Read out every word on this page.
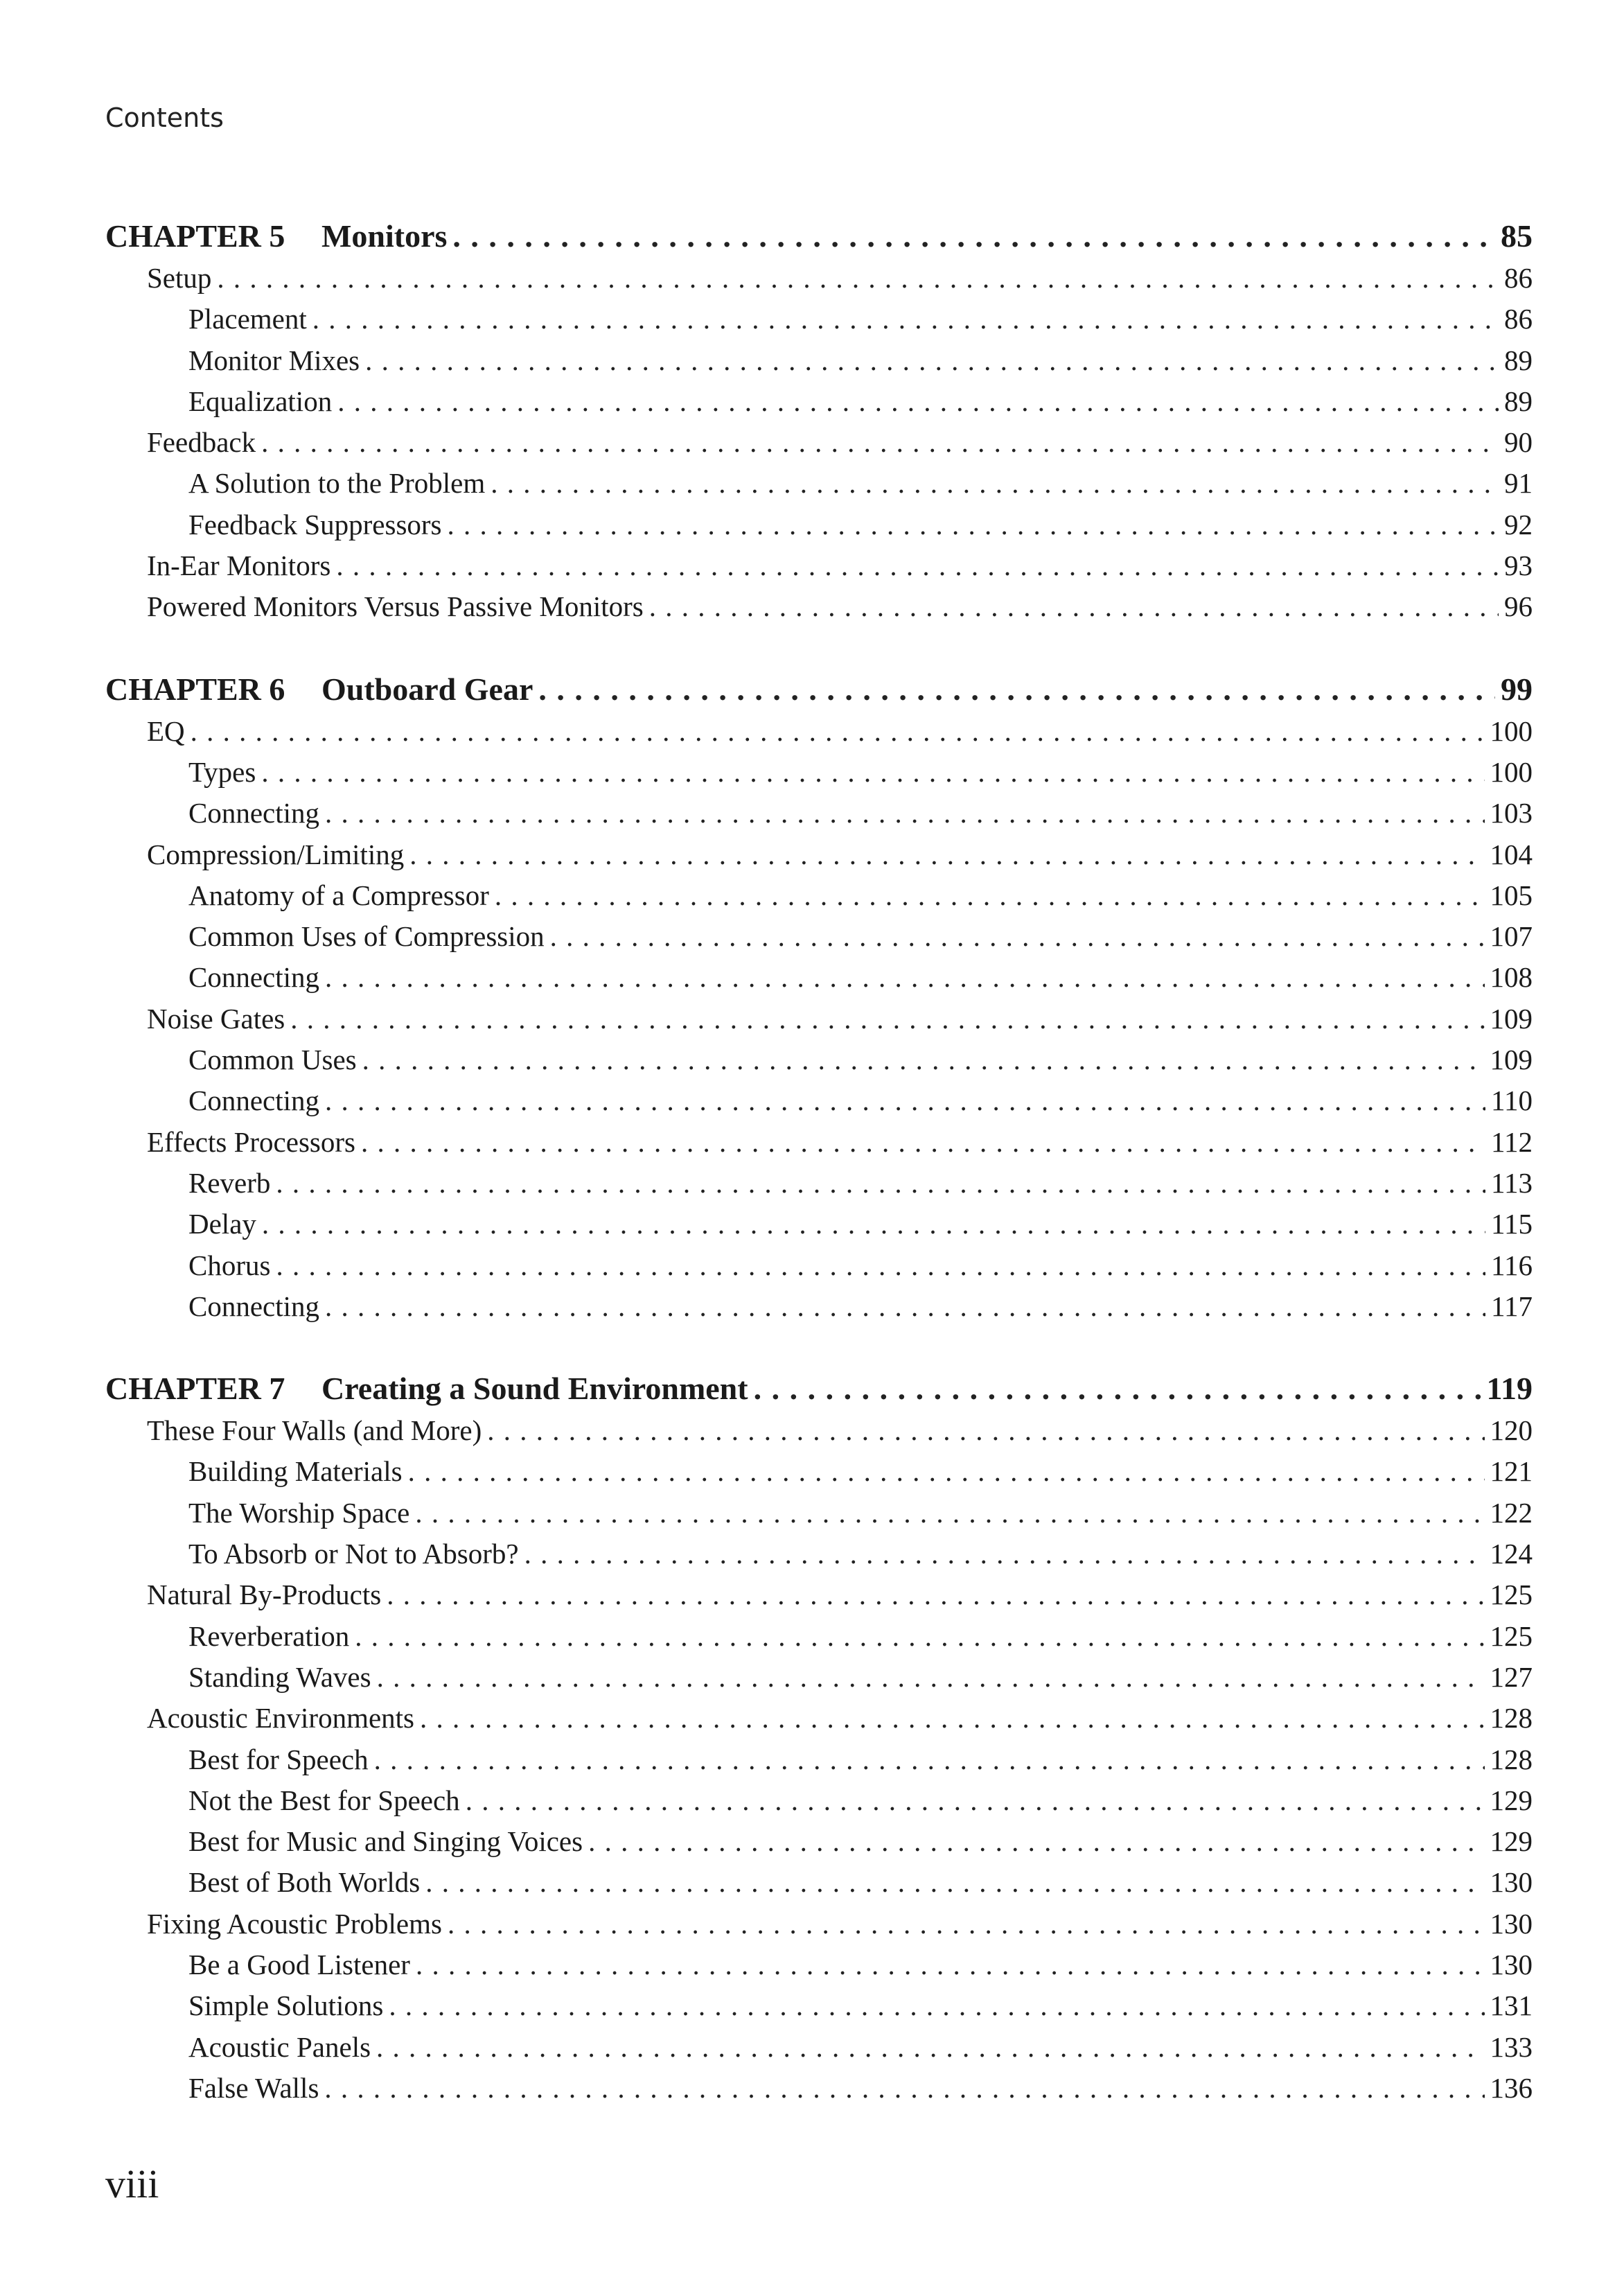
Contents
CHAPTER 5 Monitors . . .	85
Setup . . .	86
Placement . . .	86
Monitor Mixes . . .	89
Equalization . . .	89
Feedback . . .	90
A Solution to the Problem . . .	91
Feedback Suppressors . . .	92
In-Ear Monitors . . .	93
Powered Monitors Versus Passive Monitors . . .	96
CHAPTER 6 Outboard Gear . . .	99
EQ . . .	100
Types . . .	100
Connecting . . .	103
Compression/Limiting . . .	104
Anatomy of a Compressor . . .	105
Common Uses of Compression . . .	107
Connecting . . .	108
Noise Gates . . .	109
Common Uses . . .	109
Connecting . . .	110
Effects Processors . . .	112
Reverb . . .	113
Delay . . .	115
Chorus . . .	116
Connecting . . .	117
CHAPTER 7 Creating a Sound Environment . . .	119
These Four Walls (and More) . . .	120
Building Materials . . .	121
The Worship Space . . .	122
To Absorb or Not to Absorb? . . .	124
Natural By-Products . . .	125
Reverberation . . .	125
Standing Waves . . .	127
Acoustic Environments . . .	128
Best for Speech . . .	128
Not the Best for Speech . . .	129
Best for Music and Singing Voices . . .	129
Best of Both Worlds . . .	130
Fixing Acoustic Problems . . .	130
Be a Good Listener . . .	130
Simple Solutions . . .	131
Acoustic Panels . . .	133
False Walls . . .	136
viii
